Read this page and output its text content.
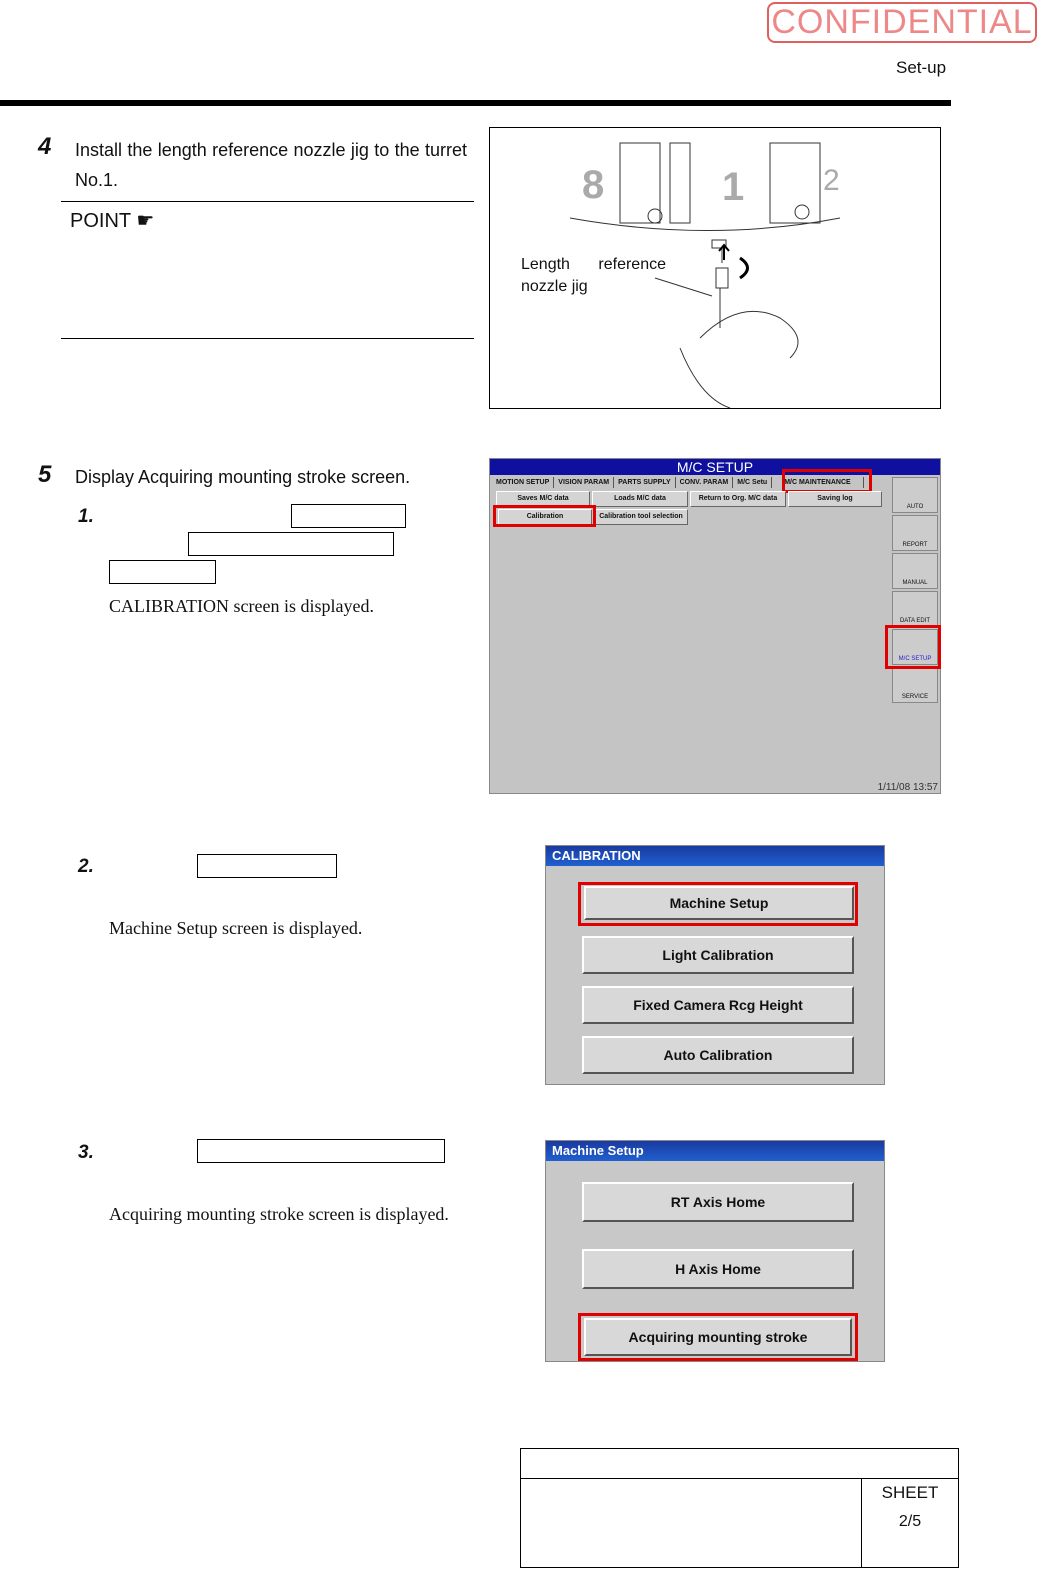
CONFIDENTIAL
Set-up
4 Install the length reference nozzle jig to the turret No.1.
POINT ☛
8	1	2
Length reference nozzle jig
5 Display Acquiring mounting stroke screen.
1.
CALIBRATION screen is displayed.
M/C SETUP
MOTION SETUP	VISION PARAM	PARTS SUPPLY	CONV. PARAM	M/C Setu	M/C MAINTENANCE
Saves M/C data	Loads M/C data	Return to Org. M/C data	Saving log
Calibration	Calibration tool selection
AUTO
REPORT
MANUAL
DATA EDIT
M/C SETUP
SERVICE
1/11/08 13:57
2.
Machine Setup screen is displayed.
CALIBRATION
Machine Setup
Light Calibration
Fixed Camera Rcg Height
Auto Calibration
3.
Acquiring mounting stroke screen is displayed.
Machine Setup
RT Axis Home
H Axis Home
Acquiring mounting stroke
SHEET
2/5
